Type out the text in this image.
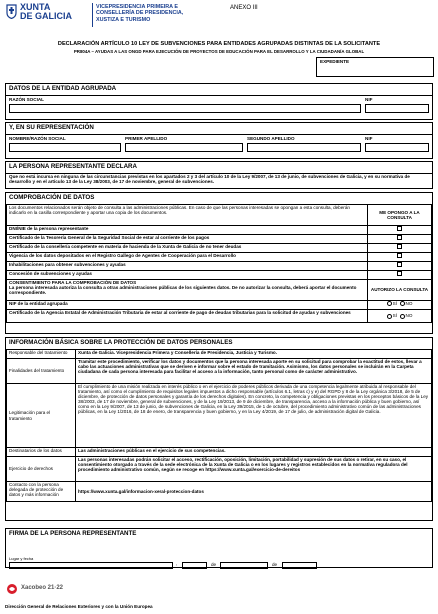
XUNTA
DE GALICIA
VICEPRESIDENCIA PRIMEIRA E
CONSELLERÍA DE PRESIDENCIA,
XUSTIZA E TURISMO
ANEXO III
DECLARACIÓN ARTÍCULO 10 LEY DE SUBVENCIONES PARA ENTIDADES AGRUPADAS DISTINTAS DE LA SOLICITANTE
PR804A – AYUDAS A LAS ONGD PARA EJECUCIÓN DE PROYECTOS DE EDUCACIÓN PARA EL DESARROLLO Y LA CIUDADANÍA GLOBAL
EXPEDIENTE
DATOS DE LA ENTIDAD AGRUPADA
RAZÓN SOCIAL	NIF
Y, EN SU REPRESENTACIÓN
NOMBRE/RAZÓN SOCIAL	PRIMER APELLIDO	SEGUNDO APELLIDO	NIF
LA PERSONA REPRESENTANTE DECLARA
Que no está incursa en ninguna de las circunstancias previstas en los apartados 2 y 3 del artículo 10 de la Ley 9/2007, de 13 de junio, de subvenciones de Galicia, y en su normativa de desarrollo y en el artículo 13 de la Ley 38/2003, de 17 de noviembre, general de subvenciones.
COMPROBACIÓN DE DATOS
Los documentos relacionados serán objeto de consulta a las administraciones públicas. En caso de que las personas interesadas se opongan a esta consulta, deberán indicarlo en la casilla correspondiente y aportar una copia de los documentos.	ME OPONGO A LA CONSULTA
DNI/NIE de la persona representante	
Certificado de la Tesorería General de la Seguridad Social de estar al corriente de los pagos	
Certificado de la consellería competente en materia de hacienda de la Xunta de Galicia de no tener deudas	
Vigencia de los datos depositados en el Registro Gallego de Agentes de Cooperación para el Desarrollo	
Inhabilitaciones para obtener subvenciones y ayudas	
Concesión de subvenciones y ayudas	

CONSENTIMIENTO PARA LA COMPROBACIÓN DE DATOS
La persona interesada autoriza la consulta a otras administraciones públicas de los siguientes datos. De no autorizar la consulta, deberá aportar el documento correspondiente.	AUTORIZO LA CONSULTA
NIF de la entidad agrupada	SÍ NO
Certificado de la Agencia Estatal de Administración Tributaria de estar al corriente de pago de deudas tributarias para la solicitud de ayudas y subvenciones	SÍ NO
INFORMACIÓN BÁSICA SOBRE LA PROTECCIÓN DE DATOS PERSONALES
Responsable del tratamiento	Xunta de Galicia. Vicepresidencia Primera y Consellería de Presidencia, Justicia y Turismo.
Finalidades del tratamiento	Tramitar este procedimiento, verificar los datos y documentos que la persona interesada aporte en su solicitud para comprobar la exactitud de estos, llevar a cabo las actuaciones administrativas que se deriven e informar sobre el estado de tramitación. Asimismo, los datos personales se incluirán en la Carpeta ciudadana de cada persona interesada para facilitar el acceso a la información, tanto personal como de carácter administrativo.
Legitimación para el tratamiento	El cumplimiento de una misión realizada en interés público o en el ejercicio de poderes públicos derivada de una competencia legalmente atribuida al responsable del tratamiento, así como el cumplimiento de requisitos legales impuestos a dicho responsable (artículos 6.1, letras c) y e) del RGPD y 8 de la Ley orgánica 3/2018, de 5 de diciembre, de protección de datos personales y garantía de los derechos digitales). En concreto, la competencia y obligaciones previstas en los preceptos básicos de la Ley 38/2003, de 17 de noviembre, general de subvenciones, y de la Ley 19/2013, de 9 de diciembre, de transparencia, acceso a la información pública y buen gobierno, así como en la Ley 9/2007, de 13 de junio, de subvenciones de Galicia, en la Ley 39/2015, de 1 de octubre, del procedimiento administrativo común de las administraciones públicas, en la Ley 1/2016, de 18 de enero, de transparencia y buen gobierno, y en la Ley 4/2019, de 17 de julio, de administración digital de Galicia.
Destinatarios de los datos	Las administraciones públicas en el ejercicio de sus competencias.
Ejercicio de derechos	Las personas interesadas podrán solicitar el acceso, rectificación, oposición, limitación, portabilidad y supresión de sus datos o retirar, en su caso, el consentimiento otorgado a través de la sede electrónica de la Xunta de Galicia o en los lugares y registros establecidos en la normativa reguladora del procedimiento administrativo común, según se recoge en https://www.xunta.gal/exercicio-de-dereitos
Contacto con la persona delegada de protección de datos y más información	https://www.xunta.gal/informacion-xeral-proteccion-datos
FIRMA DE LA PERSONA REPRESENTANTE
Lugar y fecha
,	de	de
Xacobeo 21·22
Dirección General de Relaciones Exteriores y con la Unión Europea
